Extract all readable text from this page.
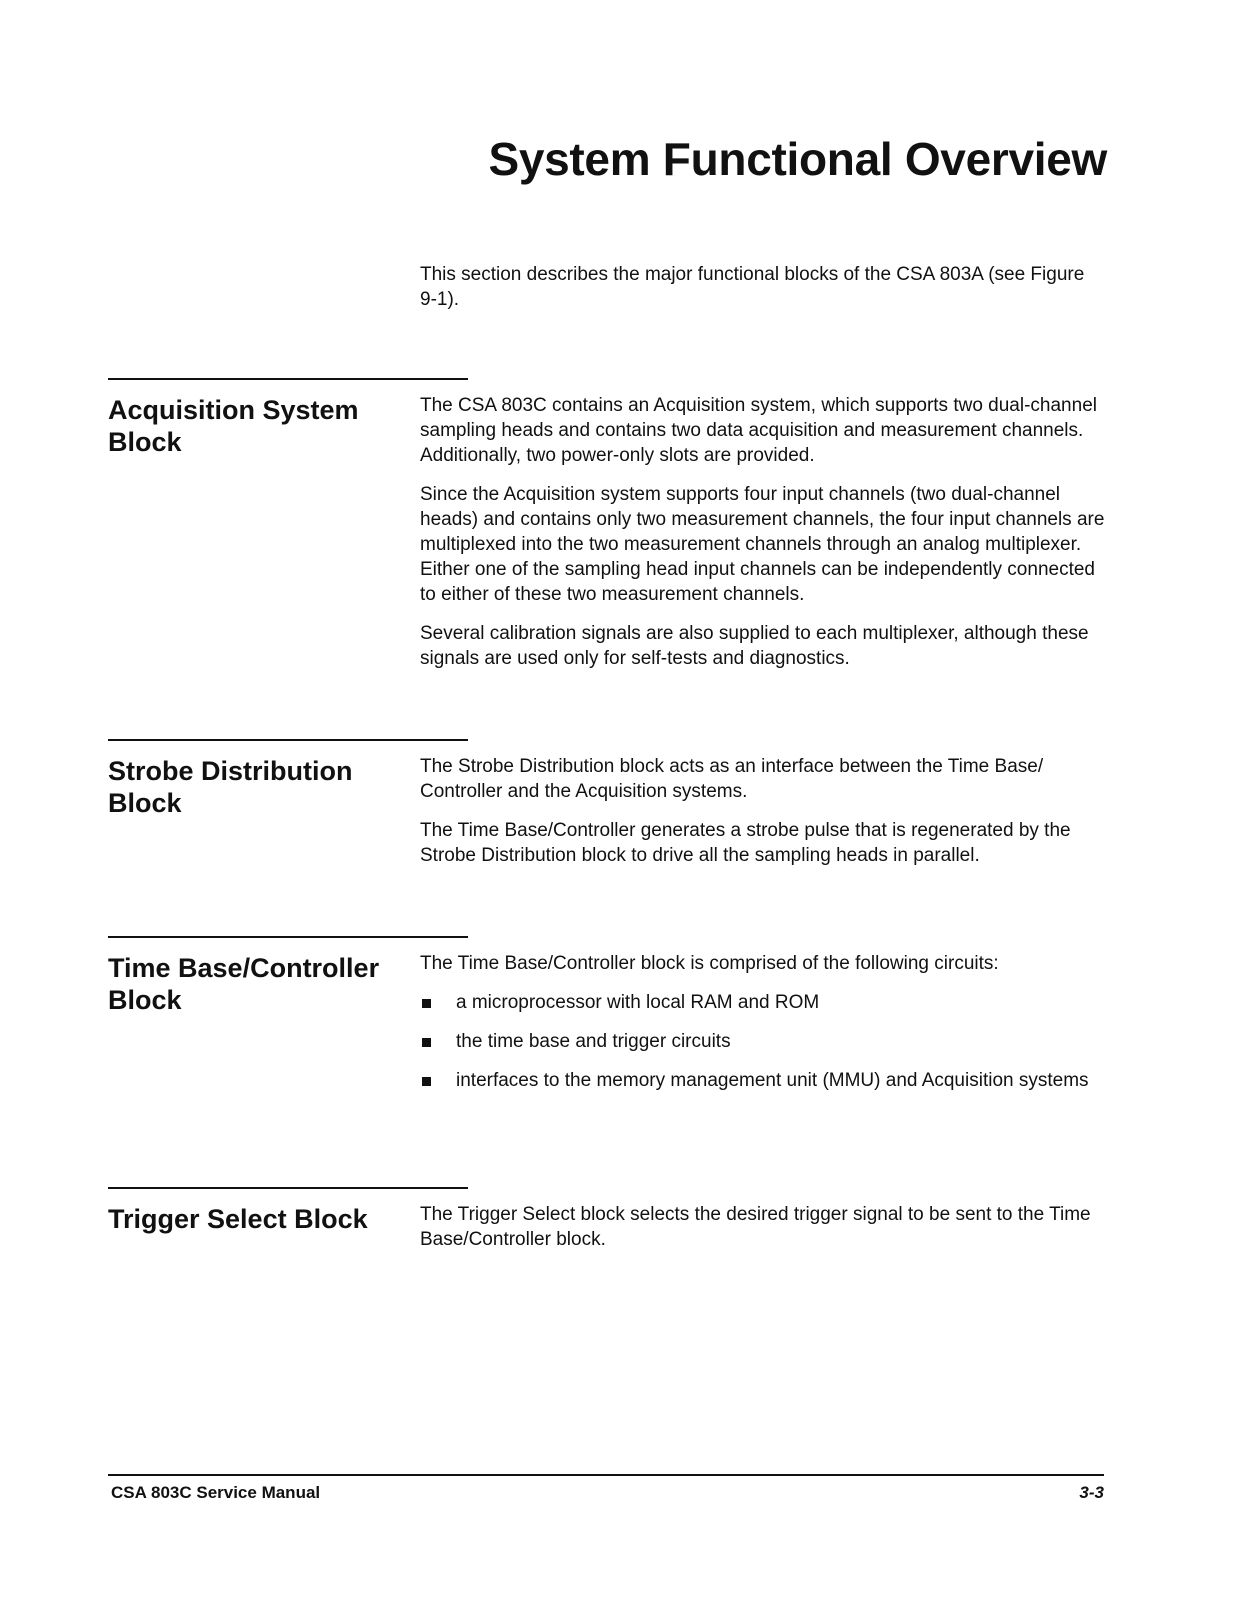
System Functional Overview

This section describes the major functional blocks of the CSA 803A (see Figure 9-1).

Acquisition System Block

The CSA 803C contains an Acquisition system, which supports two dual-channel sampling heads and contains two data acquisition and measurement channels. Additionally, two power-only slots are provided.

Since the Acquisition system supports four input channels (two dual-channel heads) and contains only two measurement channels, the four input channels are multiplexed into the two measurement channels through an analog multiplexer. Either one of the sampling head input channels can be independently connected to either of these two measurement channels.

Several calibration signals are also supplied to each multiplexer, although these signals are used only for self-tests and diagnostics.

Strobe Distribution Block

The Strobe Distribution block acts as an interface between the Time Base/ Controller and the Acquisition systems.

The Time Base/Controller generates a strobe pulse that is regenerated by the Strobe Distribution block to drive all the sampling heads in parallel.

Time Base/Controller Block

The Time Base/Controller block is comprised of the following circuits:

a microprocessor with local RAM and ROM
the time base and trigger circuits
interfaces to the memory management unit (MMU) and Acquisition systems
Trigger Select Block	The Trigger Select block selects the desired trigger signal to be sent to the Time Base/Controller block.

CSA 803C Service Manual	3-3
